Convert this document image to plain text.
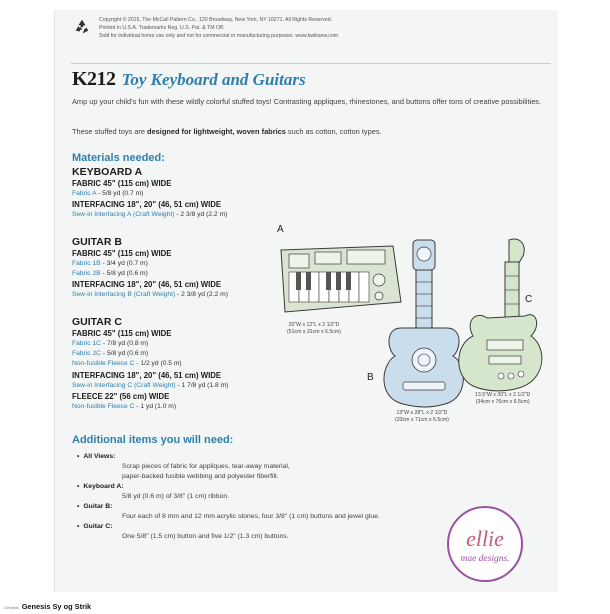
Copyright © 2015, The McCall Pattern Co., 120 Broadway, New York, NY 10271. All Rights Reserved.
Printed in U.S.A. Trademarks Reg. U.S. Pat. & TM Off.
Sold for individual home use only and not for commercial or manufacturing purposes. www.kwiksew.com
K212 Toy Keyboard and Guitars
Amp up your child's fun with these wildly colorful stuffed toys! Contrasting appliques, rhinestones, and buttons offer tons of creative possibilities.
These stuffed toys are designed for lightweight, woven fabrics such as cotton, cotton types.
Materials needed:
KEYBOARD A
FABRIC 45" (115 cm) WIDE
Fabric A - 5/8 yd (0.7 m)
INTERFACING 18", 20" (46, 51 cm) WIDE
Sew-in Interfacing A (Craft Weight) - 2 3/8 yd (2.2 m)
GUITAR B
FABRIC 45" (115 cm) WIDE
Fabric 1B - 3/4 yd (0.7 m)
Fabric 2B - 5/8 yd (0.6 m)
INTERFACING 18", 20" (46, 51 cm) WIDE
Sew-in Interfacing B (Craft Weight) - 2 3/8 yd (2.2 m)
GUITAR C
FABRIC 45" (115 cm) WIDE
Fabric 1C - 7/8 yd (0.8 m)
Fabric 2C - 5/8 yd (0.6 m)
Non-fusible Fleece C - 1/2 yd (0.5 m)
INTERFACING 18", 20" (46, 51 cm) WIDE
Sew-in Interfacing C (Craft Weight) - 1 7/8 yd (1.8 m)
FLEECE 22" (56 cm) WIDE
Non-fusible Fleece C - 1 yd (1.0 m)
A
20"W x 12"L x 2 1/2"D
(51cm x 31cm x 6.5cm)
B
13"W x 28"L x 2 1/2"D
(33cm x 71cm x 6.5cm)
C
13.5"W x 30"L x 2 1/2"D
(34cm x 76cm x 6.5cm)
Additional items you will need:
• All Views:
Scrap pieces of fabric for appliques, tear-away material,
paper-backed fusible webbing and polyester fiberfill.
• Keyboard A:
5/8 yd (0.6 m) of 3/8" (1 cm) ribbon.
• Guitar B:
Four each of 8 mm and 12 mm acrylic stones, four 3/8" (1 cm) buttons and jewel glue.
• Guitar C:
One 5/8" (1.5 cm) button and five 1/2" (1.3 cm) buttons.	ellie
mae designs.
Genesis Genesis Sy og Strik
